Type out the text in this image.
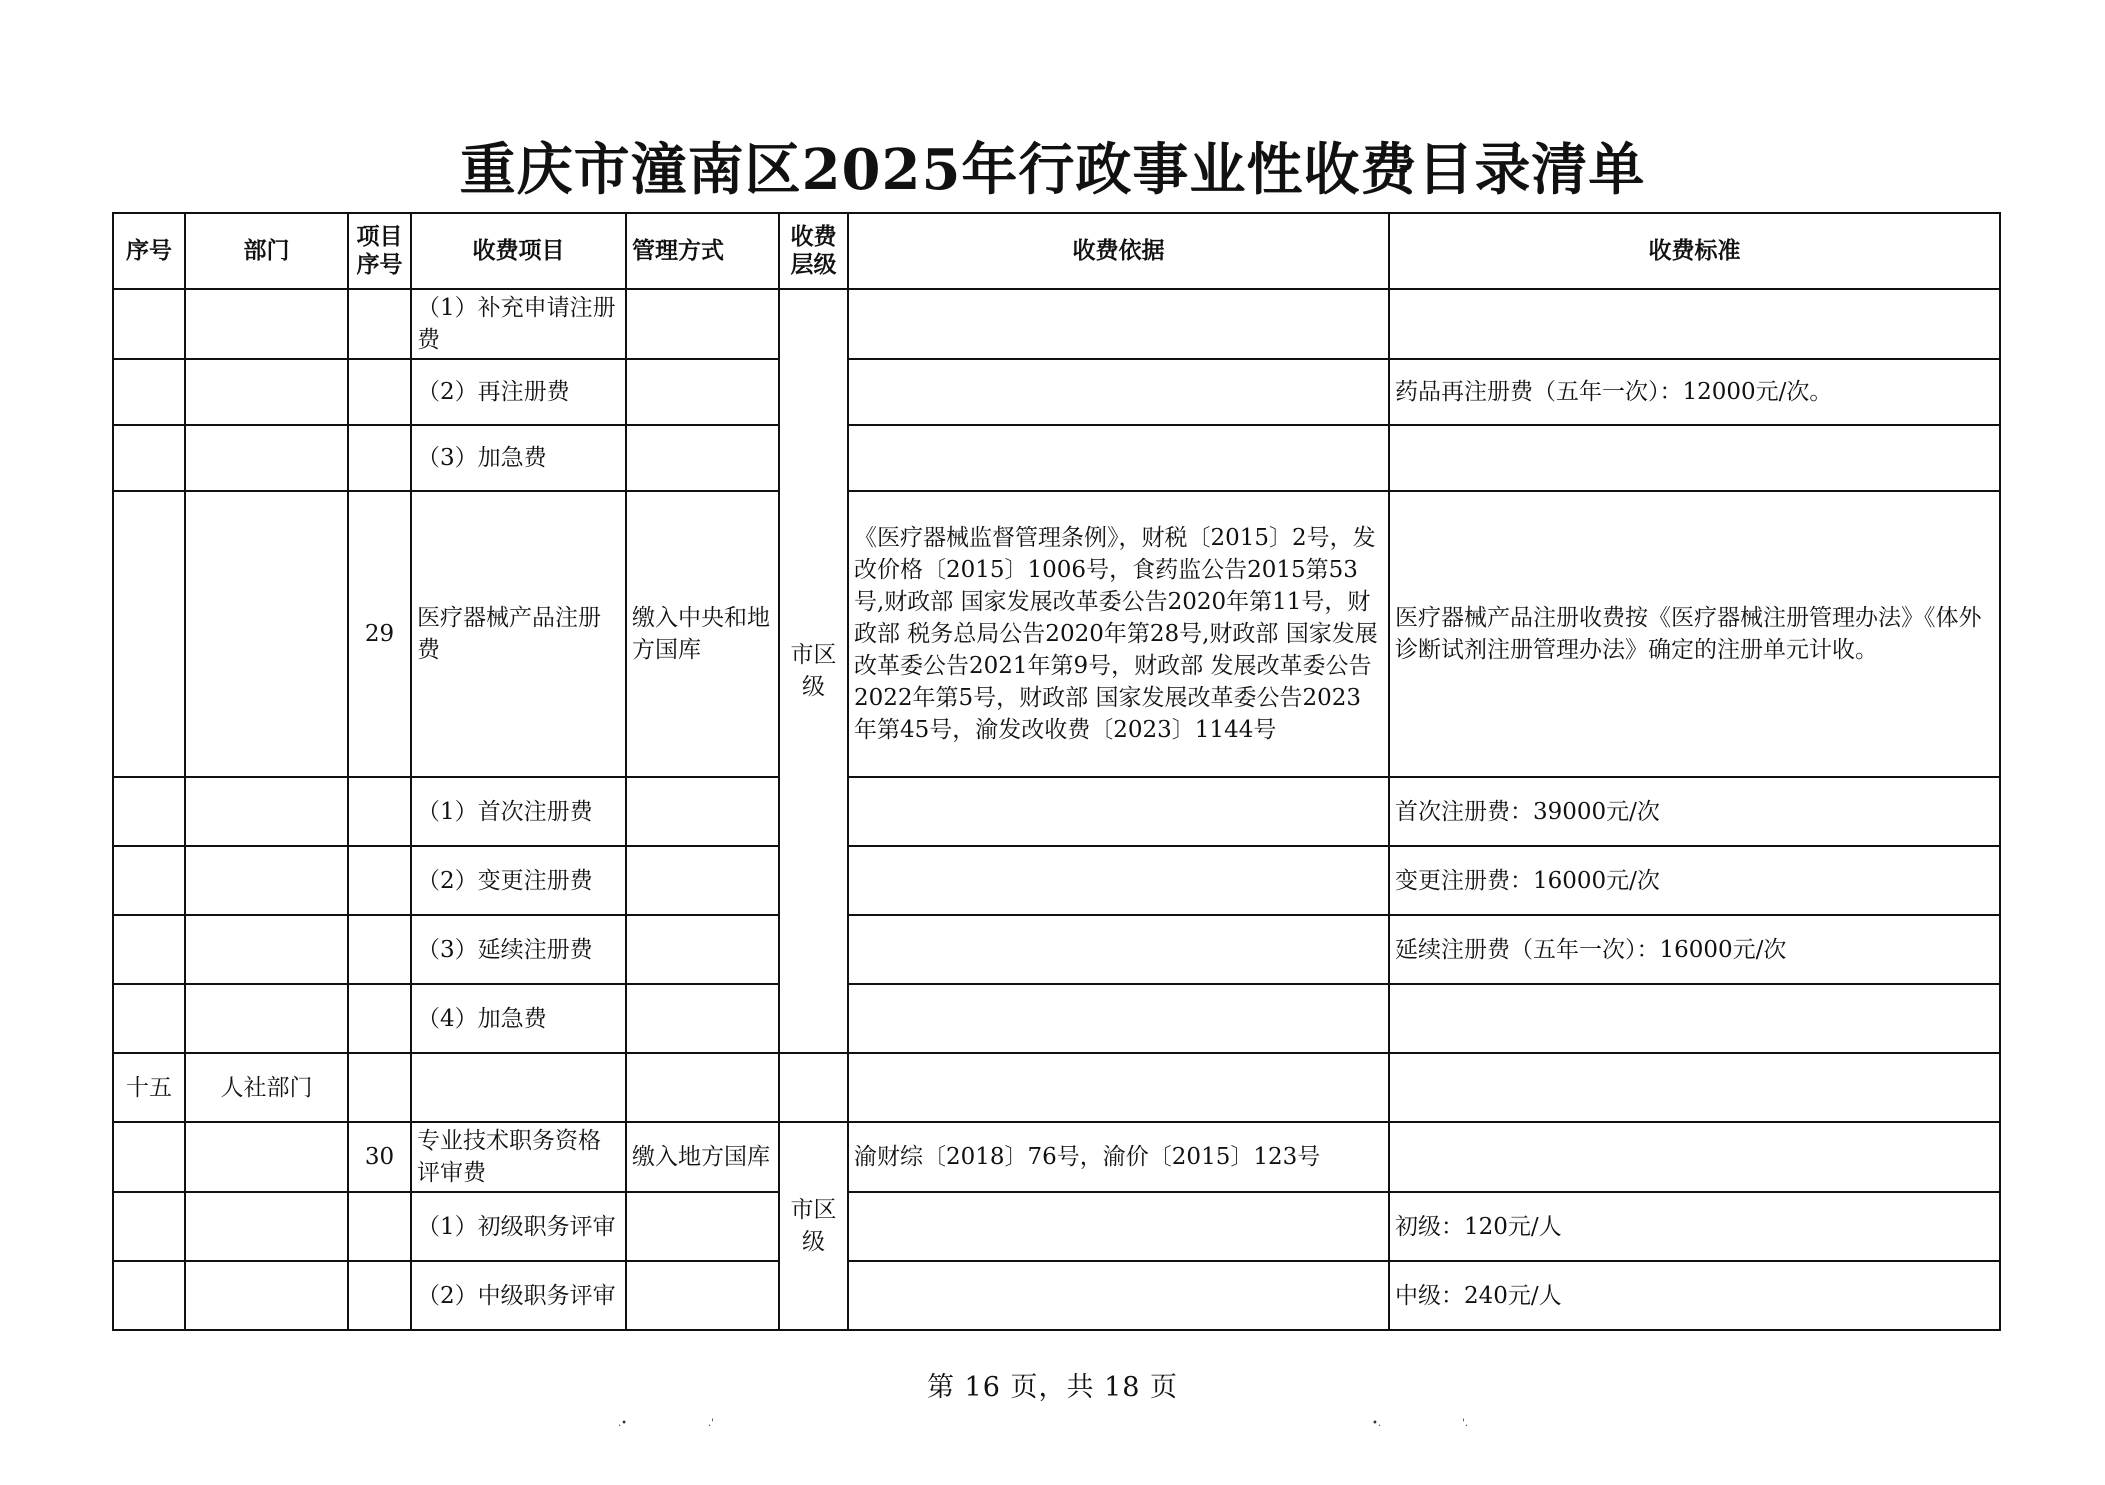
重庆市潼南区2025年行政事业性收费目录清单
序号	部门	项目序号	收费项目	管理方式	收费层级	收费依据	收费标准
			（1）补充申请注册费		市区级		
			（2）再注册费				药品再注册费（五年一次）：12000元/次。
			（3）加急费				
		29	医疗器械产品注册费	缴入中央和地方国库		《医疗器械监督管理条例》，财税〔2015〕2号，发改价格〔2015〕1006号，食药监公告2015第53号,财政部 国家发展改革委公告2020年第11号，财政部 税务总局公告2020年第28号,财政部 国家发展改革委公告2021年第9号，财政部 发展改革委公告2022年第5号，财政部 国家发展改革委公告2023年第45号，渝发改收费〔2023〕1144号	医疗器械产品注册收费按《医疗器械注册管理办法》《体外诊断试剂注册管理办法》确定的注册单元计收。
			（1）首次注册费				首次注册费：39000元/次
			（2）变更注册费				变更注册费：16000元/次
			（3）延续注册费				延续注册费（五年一次）：16000元/次
			（4）加急费				
十五	人社部门						
		30	专业技术职务资格评审费	缴入地方国库	市区级	渝财综〔2018〕76号，渝价〔2015〕123号	
			（1）初级职务评审				初级：120元/人
			（2）中级职务评审				中级：240元/人
第 16 页，共 18 页
.•	.'	•.	'.
